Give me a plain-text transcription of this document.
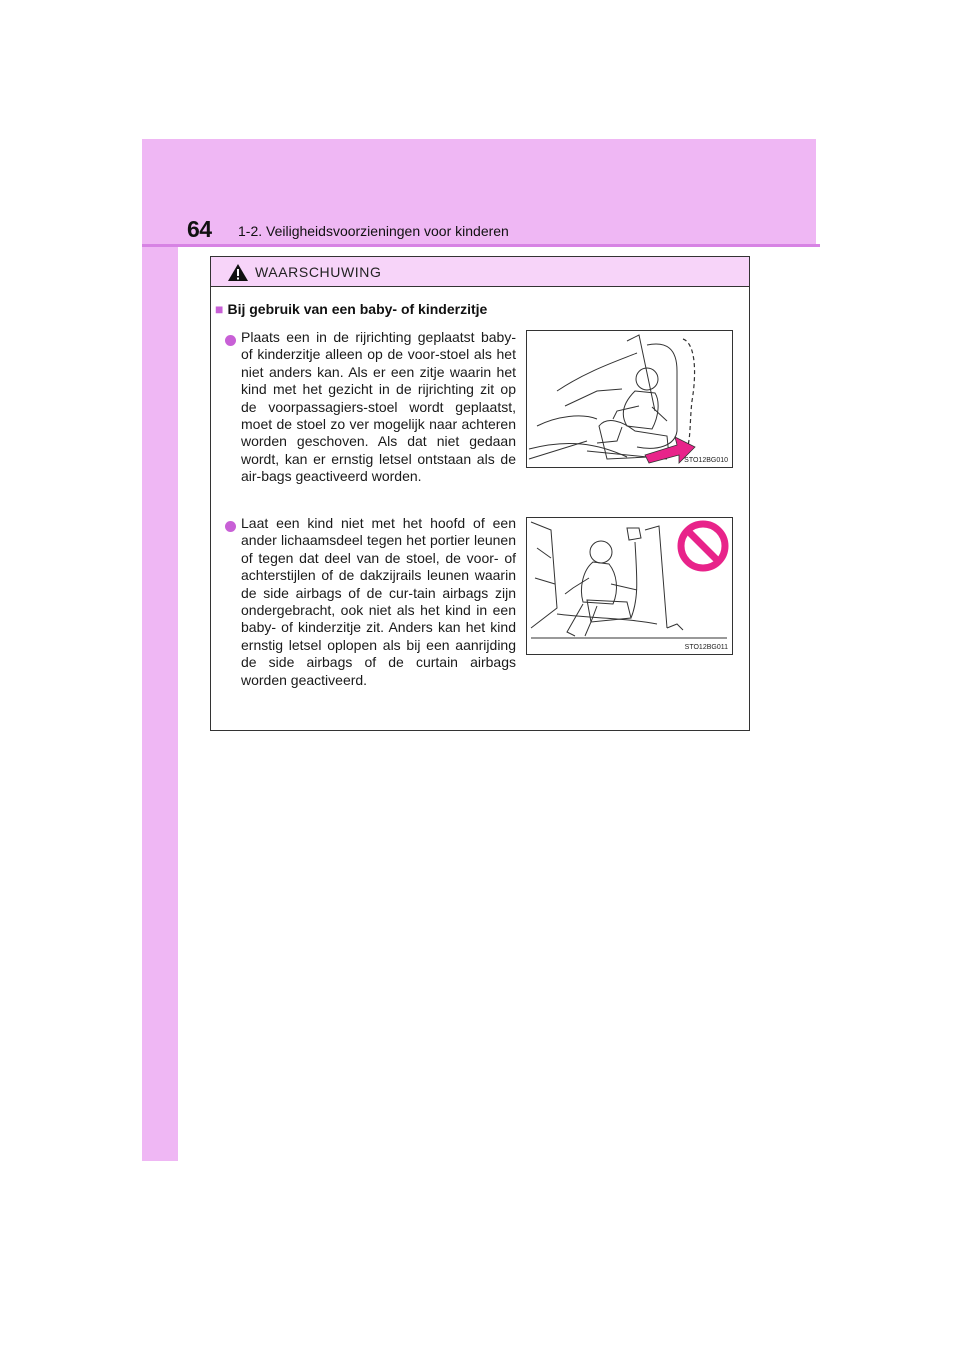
64 1-2. Veiligheidsvoorzieningen voor kinderen
WAARSCHUWING
■ Bij gebruik van een baby- of kinderzitje
Plaats een in de rijrichting geplaatst baby- of kinderzitje alleen op de voor-stoel als het niet anders kan. Als er een zitje waarin het kind met het gezicht in de rijrichting zit op de voorpassagiers-stoel wordt geplaatst, moet de stoel zo ver mogelijk naar achteren worden geschoven. Als dat niet gedaan wordt, kan er ernstig letsel ontstaan als de air-bags geactiveerd worden.
STO12BG010
Laat een kind niet met het hoofd of een ander lichaamsdeel tegen het portier leunen of tegen dat deel van de stoel, de voor- of achterstijlen of de dakzijrails leunen waarin de side airbags of de cur-tain airbags zijn ondergebracht, ook niet als het kind in een baby- of kinderzitje zit. Anders kan het kind ernstig letsel oplopen als bij een aanrijding de side airbags of de curtain airbags worden geactiveerd.
STO12BG011
